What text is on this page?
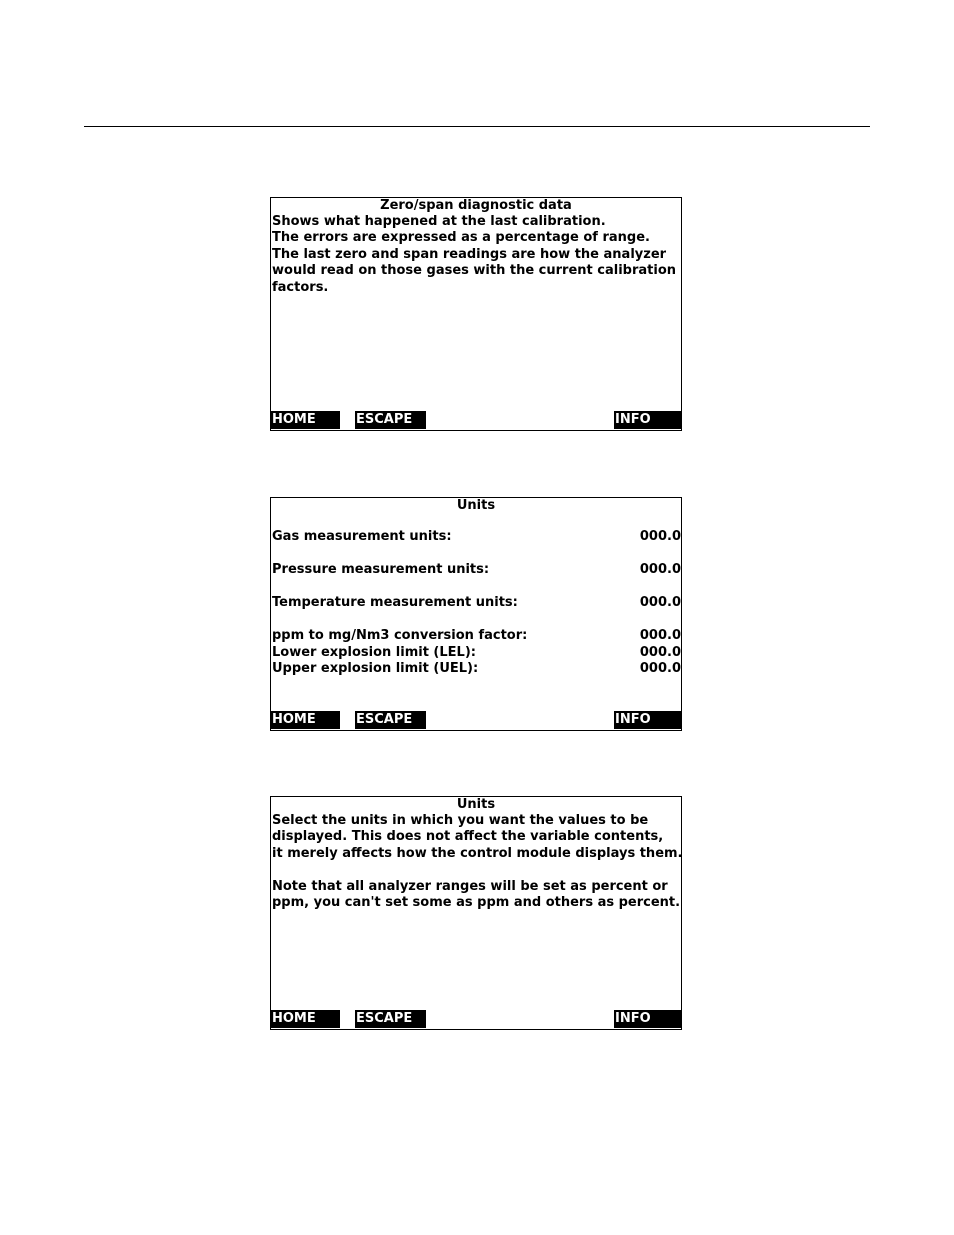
Zero/span diagnostic data
Shows what happened at the last calibration.
The errors are expressed as a percentage of range.
The last zero and span readings are how the analyzer
would read on those gases with the current calibration
factors.
HOME	ESCAPE	INFO
Units
Gas measurement units:	000.0
Pressure measurement units:	000.0
Temperature measurement units:	000.0
ppm to mg/Nm3 conversion factor:	000.0
Lower explosion limit (LEL):	000.0
Upper explosion limit (UEL):	000.0
HOME	ESCAPE	INFO
Units
Select the units in which you want the values to be
displayed. This does not affect the variable contents,
it merely affects how the control module displays them.
Note that all analyzer ranges will be set as percent or
ppm, you can't set some as ppm and others as percent.
HOME	ESCAPE	INFO
